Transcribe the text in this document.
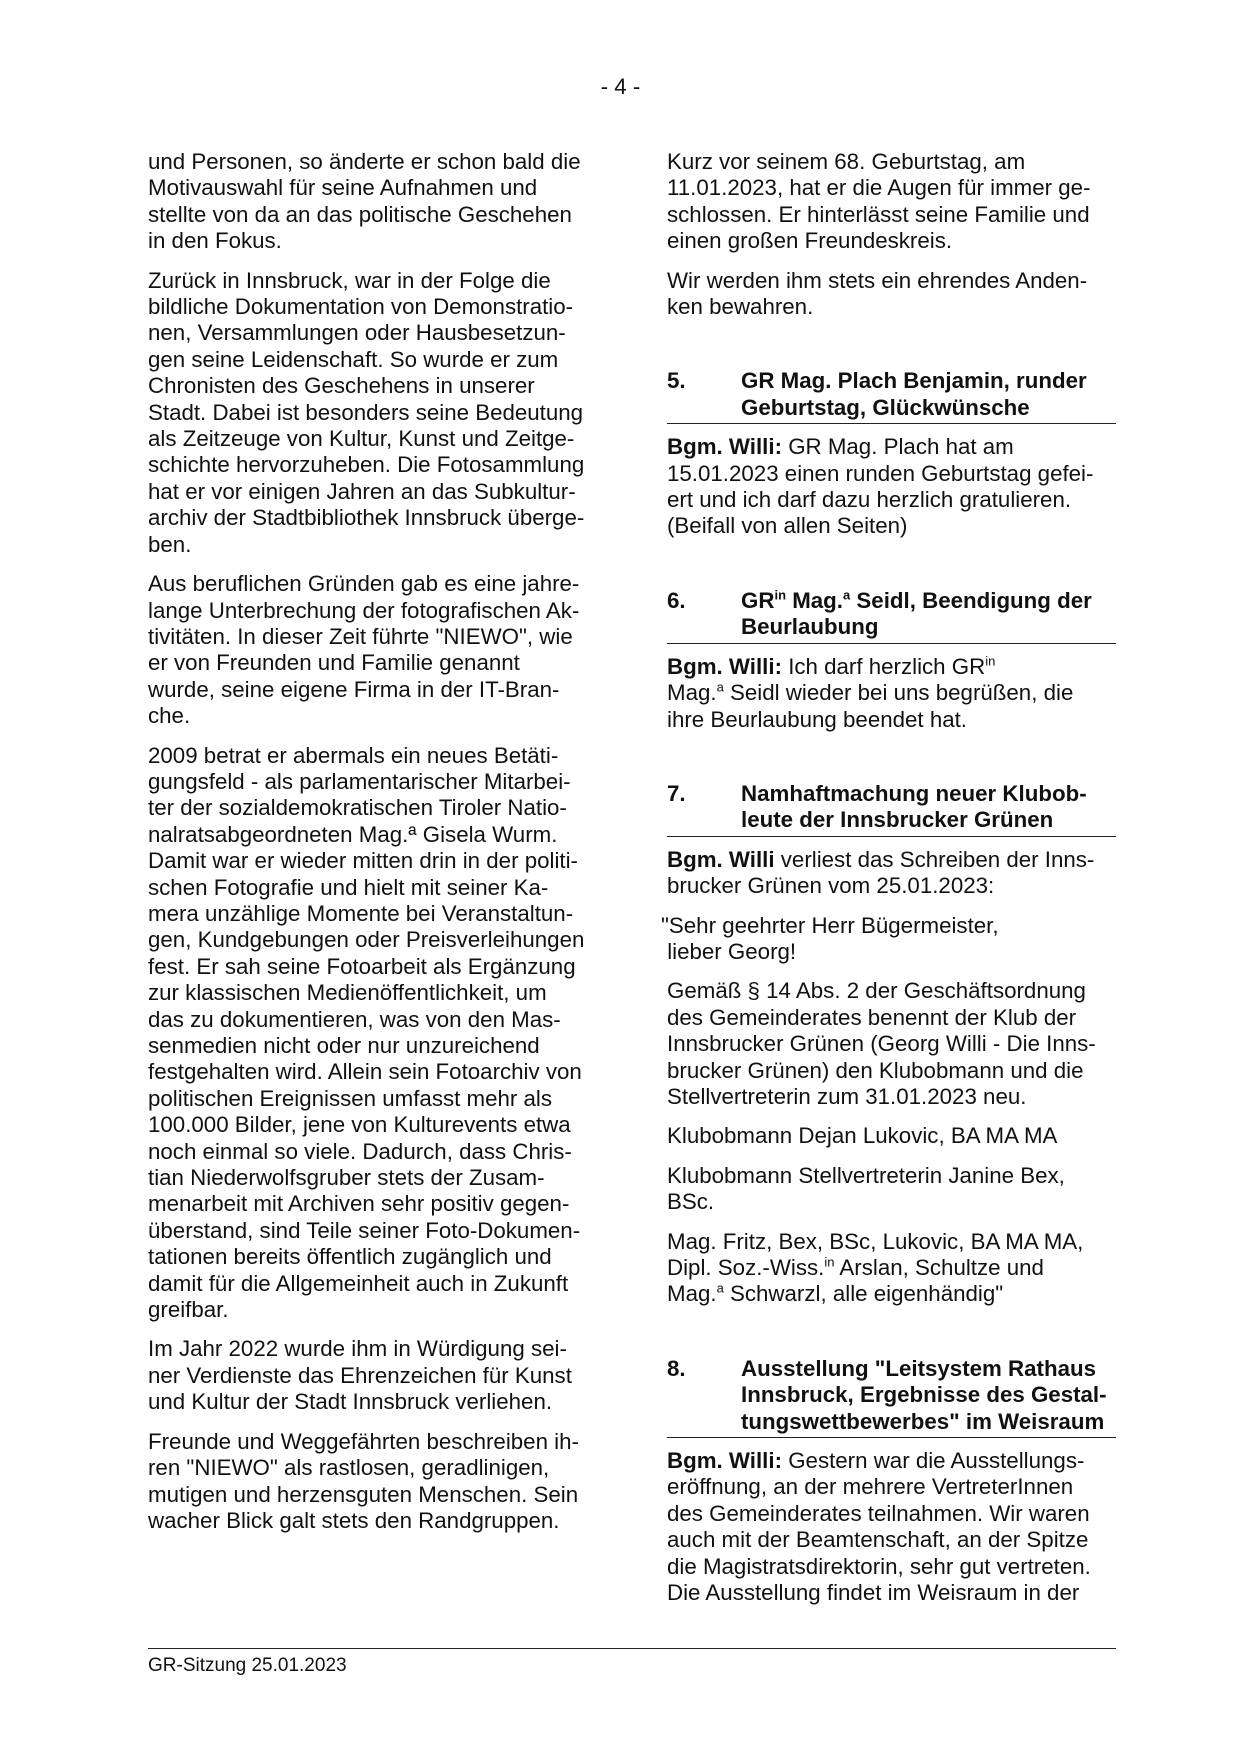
- 4 -

und Personen, so änderte er schon bald die
Motivauswahl für seine Aufnahmen und
stellte von da an das politische Geschehen
in den Fokus.

Zurück in Innsbruck, war in der Folge die
bildliche Dokumentation von Demonstratio-
nen, Versammlungen oder Hausbesetzun-
gen seine Leidenschaft. So wurde er zum
Chronisten des Geschehens in unserer
Stadt. Dabei ist besonders seine Bedeutung
als Zeitzeuge von Kultur, Kunst und Zeitge-
schichte hervorzuheben. Die Fotosammlung
hat er vor einigen Jahren an das Subkultur-
archiv der Stadtbibliothek Innsbruck überge-
ben.

Aus beruflichen Gründen gab es eine jahre-
lange Unterbrechung der fotografischen Ak-
tivitäten. In dieser Zeit führte "NIEWO", wie
er von Freunden und Familie genannt
wurde, seine eigene Firma in der IT-Bran-
che.

2009 betrat er abermals ein neues Betäti-
gungsfeld - als parlamentarischer Mitarbei-
ter der sozialdemokratischen Tiroler Natio-
nalratsabgeordneten Mag.ª Gisela Wurm.
Damit war er wieder mitten drin in der politi-
schen Fotografie und hielt mit seiner Ka-
mera unzählige Momente bei Veranstaltun-
gen, Kundgebungen oder Preisverleihungen
fest. Er sah seine Fotoarbeit als Ergänzung
zur klassischen Medienöffentlichkeit, um
das zu dokumentieren, was von den Mas-
senmedien nicht oder nur unzureichend
festgehalten wird. Allein sein Fotoarchiv von
politischen Ereignissen umfasst mehr als
100.000 Bilder, jene von Kulturevents etwa
noch einmal so viele. Dadurch, dass Chris-
tian Niederwolfsgruber stets der Zusam-
menarbeit mit Archiven sehr positiv gegen-
überstand, sind Teile seiner Foto-Dokumen-
tationen bereits öffentlich zugänglich und
damit für die Allgemeinheit auch in Zukunft
greifbar.

Im Jahr 2022 wurde ihm in Würdigung sei-
ner Verdienste das Ehrenzeichen für Kunst
und Kultur der Stadt Innsbruck verliehen.

Freunde und Weggefährten beschreiben ih-
ren "NIEWO" als rastlosen, geradlinigen,
mutigen und herzensguten Menschen. Sein
wacher Blick galt stets den Randgruppen.

Kurz vor seinem 68. Geburtstag, am
11.01.2023, hat er die Augen für immer ge-
schlossen. Er hinterlässt seine Familie und
einen großen Freundeskreis.

Wir werden ihm stets ein ehrendes Anden-
ken bewahren.

5.	GR Mag. Plach Benjamin, runder
Geburtstag, Glückwünsche

Bgm. Willi: GR Mag. Plach hat am
15.01.2023 einen runden Geburtstag gefei-
ert und ich darf dazu herzlich gratulieren.
(Beifall von allen Seiten)

6.	$GR^{in}$ Mag.$^a$ Seidl, Beendigung der
Beurlaubung

Bgm. Willi: Ich darf herzlich $GR^{in}$
Mag.$^a$ Seidl wieder bei uns begrüßen, die
ihre Beurlaubung beendet hat.

7.	Namhaftmachung neuer Klubob-
leute der Innsbrucker Grünen

Bgm. Willi verliest das Schreiben der Inns-
brucker Grünen vom 25.01.2023:

"Sehr geehrter Herr Bügermeister,
lieber Georg!

Gemäß § 14 Abs. 2 der Geschäftsordnung
des Gemeinderates benennt der Klub der
Innsbrucker Grünen (Georg Willi - Die Inns-
brucker Grünen) den Klubobmann und die
Stellvertreterin zum 31.01.2023 neu.

Klubobmann Dejan Lukovic, BA MA MA

Klubobmann Stellvertreterin Janine Bex,
BSc.

Mag. Fritz, Bex, BSc, Lukovic, BA MA MA,
Dipl. Soz.-Wiss.$^{in}$ Arslan, Schultze und
Mag.$^a$ Schwarzl, alle eigenhändig"

8.	Ausstellung "Leitsystem Rathaus
Innsbruck, Ergebnisse des Gestal-
tungswettbewerbes" im Weisraum

Bgm. Willi: Gestern war die Ausstellungs-
eröffnung, an der mehrere VertreterInnen
des Gemeinderates teilnahmen. Wir waren
auch mit der Beamtenschaft, an der Spitze
die Magistratsdirektorin, sehr gut vertreten.
Die Ausstellung findet im Weisraum in der

GR-Sitzung 25.01.2023
